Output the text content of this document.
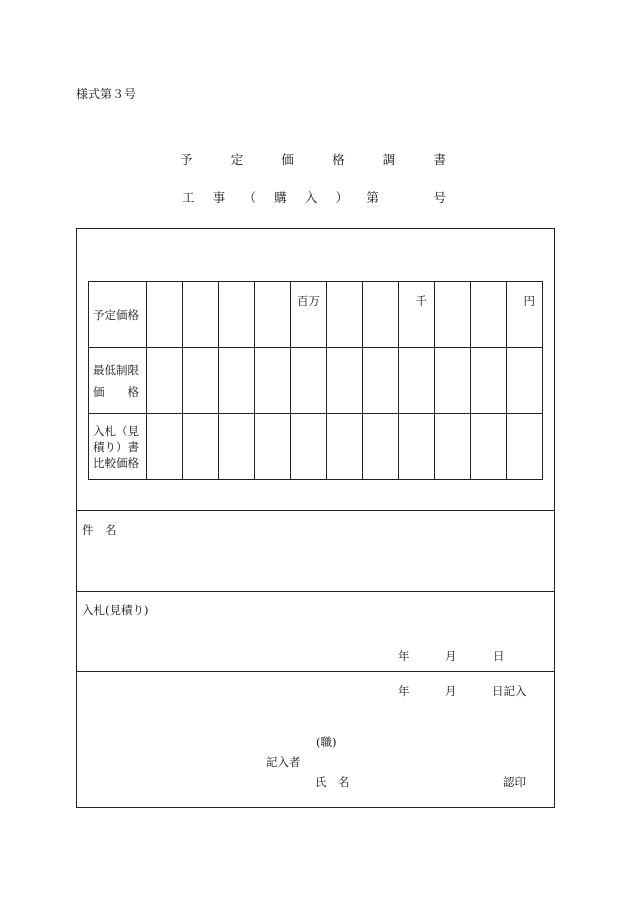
様式第３号
予	定	価	格	調	書
工 事 （ 購 入 ） 第	号
予定価格					百万			千			円

最低制限
価　　格											

入札（見
積り）書
比較価格											

件　名
入札(見積り)
年	月	日
年	月	日記入
(職)
記入者
氏　名	認印
